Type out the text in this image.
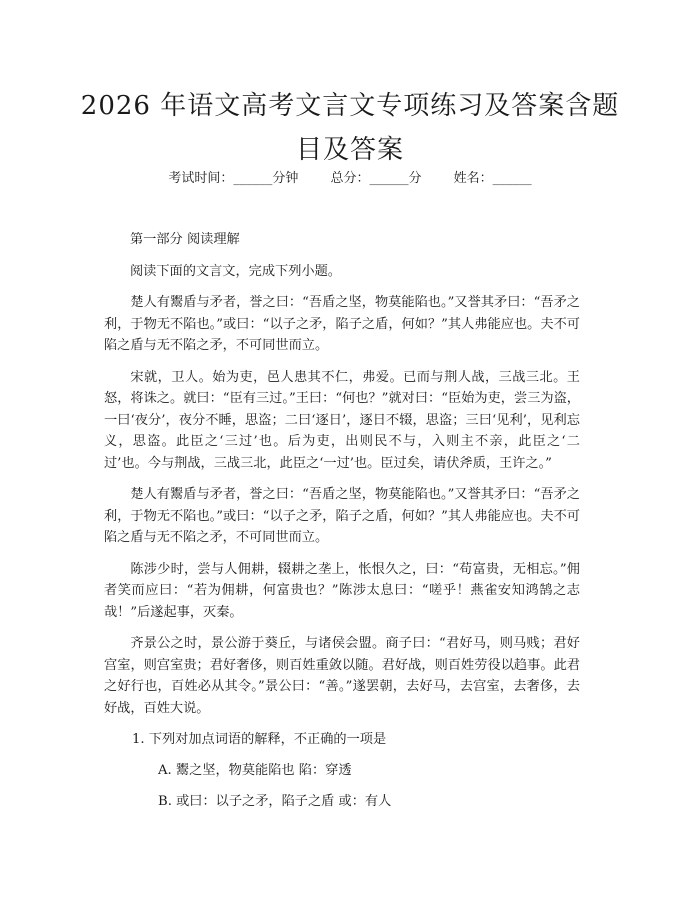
2026 年语文高考文言文专项练习及答案含题
目及答案
考试时间：______分钟 总分：______分 姓名：______

第一部分 阅读理解

阅读下面的文言文，完成下列小题。

楚人有鬻盾与矛者，誉之曰：“吾盾之坚，物莫能陷也。”又誉其矛曰：“吾矛之利，于物无不陷也。”或曰：“以子之矛，陷子之盾，何如？”其人弗能应也。夫不可陷之盾与无不陷之矛，不可同世而立。

宋就，卫人。始为吏，邑人患其不仁，弗爱。已而与荆人战，三战三北。王怒，将诛之。就曰：“臣有三过。”王曰：“何也？”就对曰：“臣始为吏，尝三为盗，一曰‘夜分’，夜分不睡，思盗；二曰‘逐日’，逐日不辍，思盗；三曰‘见利’，见利忘义，思盗。此臣之‘三过’也。后为吏，出则民不与，入则主不亲，此臣之‘二过’也。今与荆战，三战三北，此臣之‘一过’也。臣过矣，请伏斧质，王许之。”

楚人有鬻盾与矛者，誉之曰：“吾盾之坚，物莫能陷也。”又誉其矛曰：“吾矛之利，于物无不陷也。”或曰：“以子之矛，陷子之盾，何如？”其人弗能应也。夫不可陷之盾与无不陷之矛，不可同世而立。

陈涉少时，尝与人佣耕，辍耕之垄上，怅恨久之，曰：“苟富贵，无相忘。”佣者笑而应曰：“若为佣耕，何富贵也？”陈涉太息曰：“嗟乎！燕雀安知鸿鹄之志哉！”后遂起事，灭秦。

齐景公之时，景公游于葵丘，与诸侯会盟。商子曰：“君好马，则马贱；君好宫室，则宫室贵；君好奢侈，则百姓重敛以随。君好战，则百姓劳役以趋事。此君之好行也，百姓必从其令。”景公曰：“善。”遂罢朝，去好马，去宫室，去奢侈，去好战，百姓大说。

1. 下列对加点词语的解释，不正确的一项是
A. 鬻之坚，物莫能陷也 陷：穿透
B. 或曰：以子之矛，陷子之盾 或：有人
